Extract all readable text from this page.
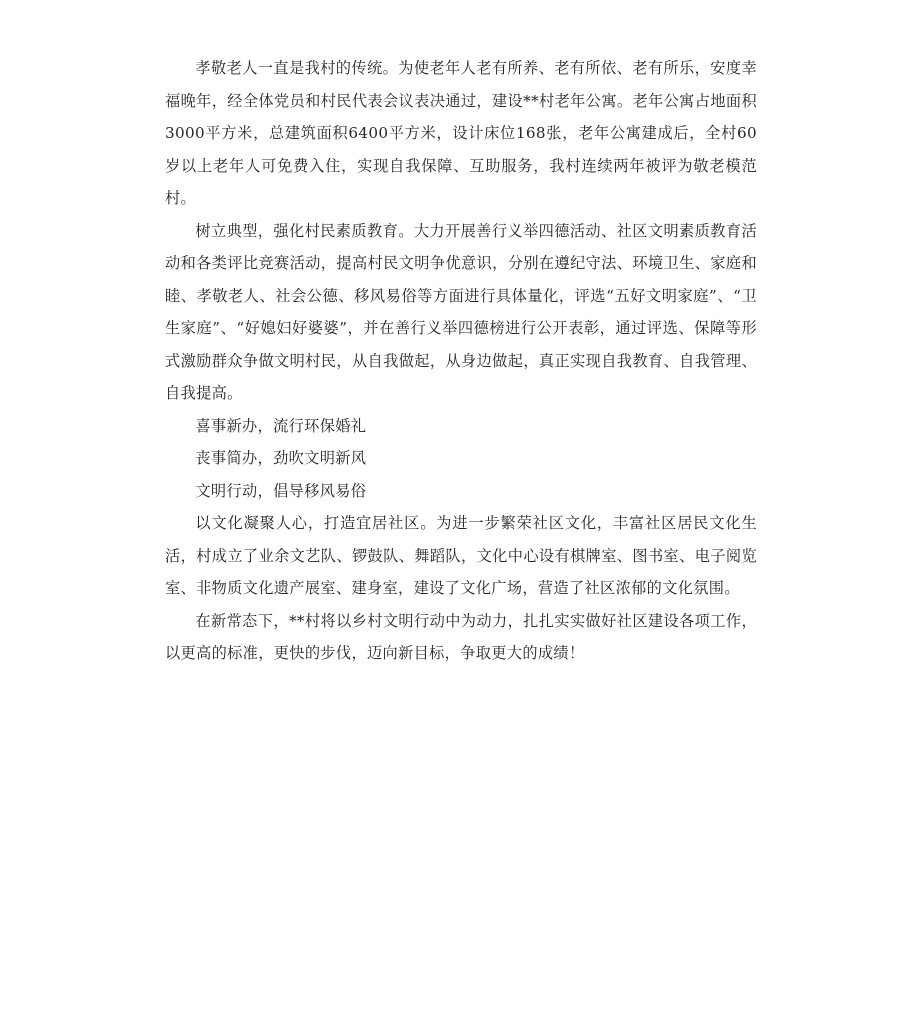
孝敬老人一直是我村的传统。为使老年人老有所养、老有所依、老有所乐，安度幸福晚年，经全体党员和村民代表会议表决通过，建设**村老年公寓。老年公寓占地面积3000平方米，总建筑面积6400平方米，设计床位168张，老年公寓建成后，全村60岁以上老年人可免费入住，实现自我保障、互助服务，我村连续两年被评为敬老模范村。

树立典型，强化村民素质教育。大力开展善行义举四德活动、社区文明素质教育活动和各类评比竞赛活动，提高村民文明争优意识，分别在遵纪守法、环境卫生、家庭和睦、孝敬老人、社会公德、移风易俗等方面进行具体量化，评选“五好文明家庭”、“卫生家庭”、“好媳妇好婆婆”，并在善行义举四德榜进行公开表彰，通过评选、保障等形式激励群众争做文明村民，从自我做起，从身边做起，真正实现自我教育、自我管理、自我提高。

喜事新办，流行环保婚礼

丧事简办，劲吹文明新风

文明行动，倡导移风易俗

以文化凝聚人心，打造宜居社区。为进一步繁荣社区文化，丰富社区居民文化生活，村成立了业余文艺队、锣鼓队、舞蹈队，文化中心设有棋牌室、图书室、电子阅览室、非物质文化遗产展室、建身室，建设了文化广场，营造了社区浓郁的文化氛围。

在新常态下，**村将以乡村文明行动中为动力，扎扎实实做好社区建设各项工作，以更高的标准，更快的步伐，迈向新目标，争取更大的成绩！
